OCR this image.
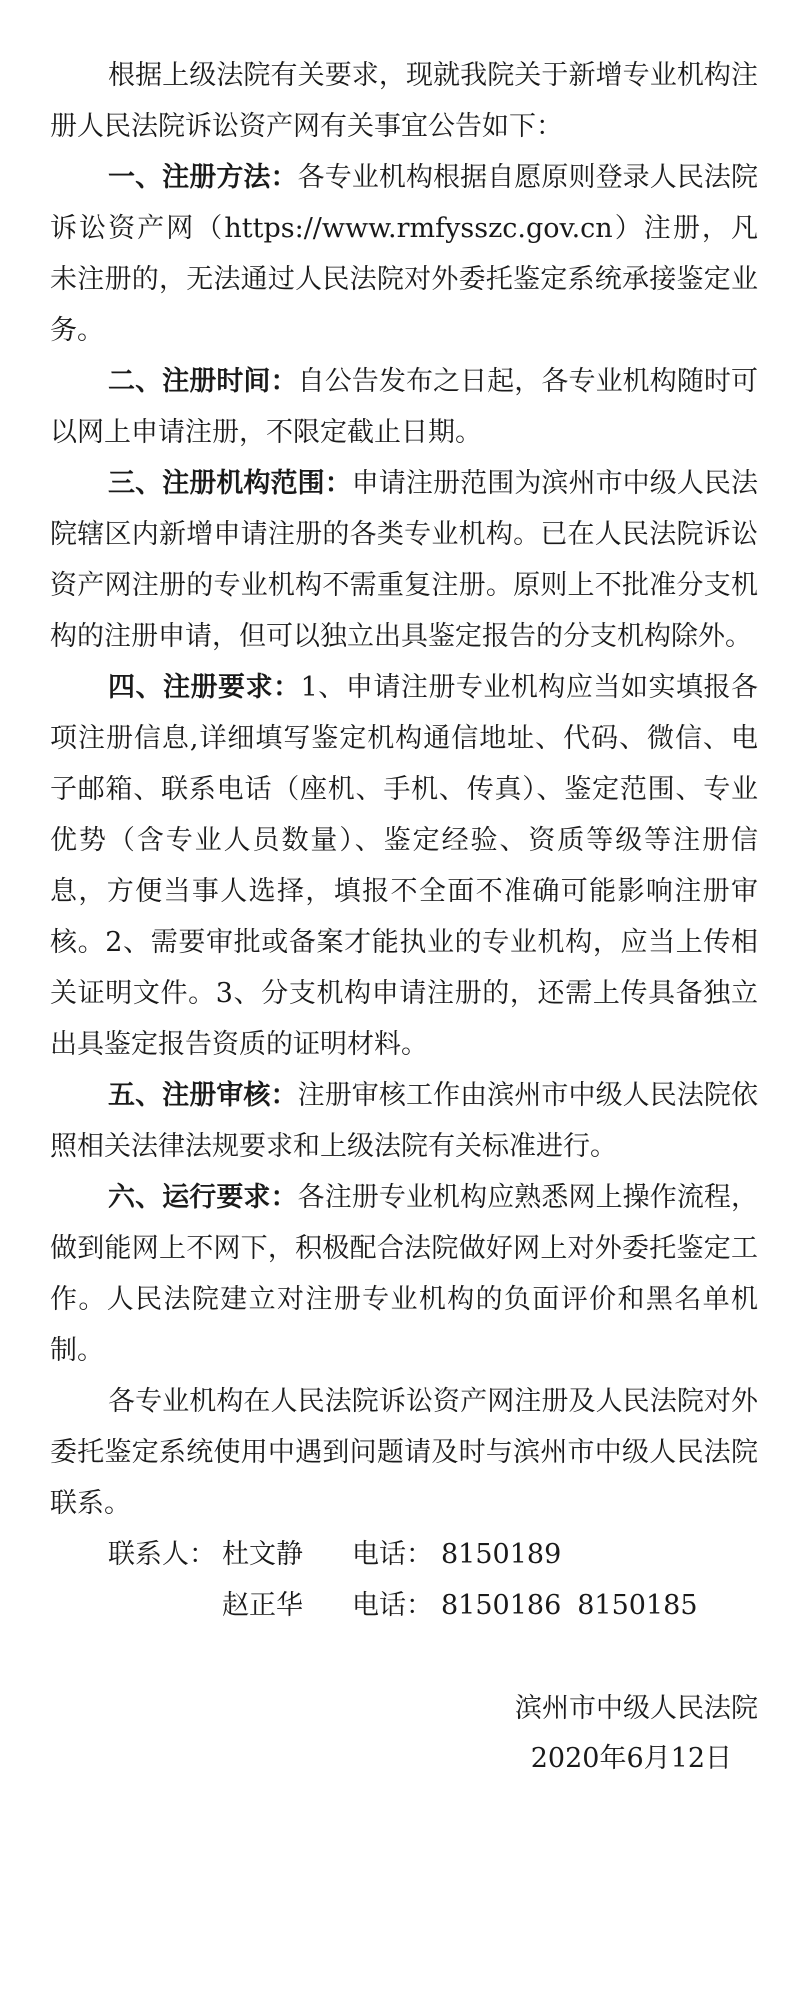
根据上级法院有关要求，现就我院关于新增专业机构注册人民法院诉讼资产网有关事宜公告如下：

一、注册方法：各专业机构根据自愿原则登录人民法院诉讼资产网（https://www.rmfysszc.gov.cn）注册，凡未注册的，无法通过人民法院对外委托鉴定系统承接鉴定业务。

二、注册时间：自公告发布之日起，各专业机构随时可以网上申请注册，不限定截止日期。

三、注册机构范围：申请注册范围为滨州市中级人民法院辖区内新增申请注册的各类专业机构。已在人民法院诉讼资产网注册的专业机构不需重复注册。原则上不批准分支机构的注册申请，但可以独立出具鉴定报告的分支机构除外。

四、注册要求：1、申请注册专业机构应当如实填报各项注册信息,详细填写鉴定机构通信地址、代码、微信、电子邮箱、联系电话（座机、手机、传真）、鉴定范围、专业优势（含专业人员数量）、鉴定经验、资质等级等注册信息，方便当事人选择，填报不全面不准确可能影响注册审核。2、需要审批或备案才能执业的专业机构，应当上传相关证明文件。3、分支机构申请注册的，还需上传具备独立出具鉴定报告资质的证明材料。

五、注册审核：注册审核工作由滨州市中级人民法院依照相关法律法规要求和上级法院有关标准进行。

六、运行要求：各注册专业机构应熟悉网上操作流程，做到能网上不网下，积极配合法院做好网上对外委托鉴定工作。人民法院建立对注册专业机构的负面评价和黑名单机制。

各专业机构在人民法院诉讼资产网注册及人民法院对外委托鉴定系统使用中遇到问题请及时与滨州市中级人民法院联系。

联系人： 杜文静	电话： 8150189
赵正华	电话： 8150186 8150185
滨州市中级人民法院
2020年6月12日
